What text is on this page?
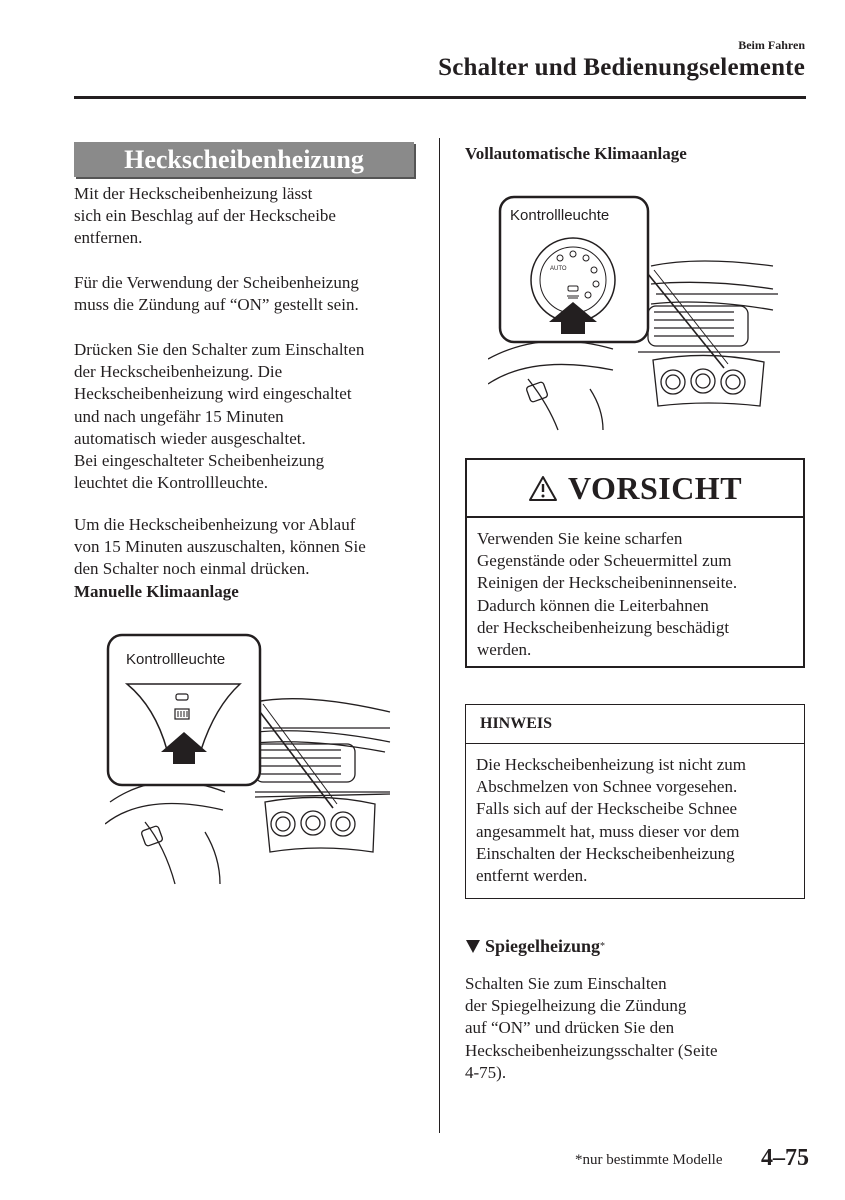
Beim Fahren
Schalter und Bedienungselemente
Heckscheibenheizung
Mit der Heckscheibenheizung lässt
sich ein Beschlag auf der Heckscheibe
entfernen.
Für die Verwendung der Scheibenheizung
muss die Zündung auf “ON” gestellt sein.
Drücken Sie den Schalter zum Einschalten
der Heckscheibenheizung. Die
Heckscheibenheizung wird eingeschaltet
und nach ungefähr 15 Minuten
automatisch wieder ausgeschaltet.
Bei eingeschalteter Scheibenheizung
leuchtet die Kontrollleuchte.
Um die Heckscheibenheizung vor Ablauf
von 15 Minuten auszuschalten, können Sie
den Schalter noch einmal drücken.
Manuelle Klimaanlage
Kontrollleuchte
Vollautomatische Klimaanlage
AUTO
Kontrollleuchte
VORSICHT
Verwenden Sie keine scharfen
Gegenstände oder Scheuermittel zum
Reinigen der Heckscheibeninnenseite.
Dadurch können die Leiterbahnen
der Heckscheibenheizung beschädigt
werden.
HINWEIS
Die Heckscheibenheizung ist nicht zum
Abschmelzen von Schnee vorgesehen.
Falls sich auf der Heckscheibe Schnee
angesammelt hat, muss dieser vor dem
Einschalten der Heckscheibenheizung
entfernt werden.
Spiegelheizung *
Schalten Sie zum Einschalten
der Spiegelheizung die Zündung
auf “ON” und drücken Sie den
Heckscheibenheizungsschalter (Seite
4-75).
*nur bestimmte Modelle 4–75
